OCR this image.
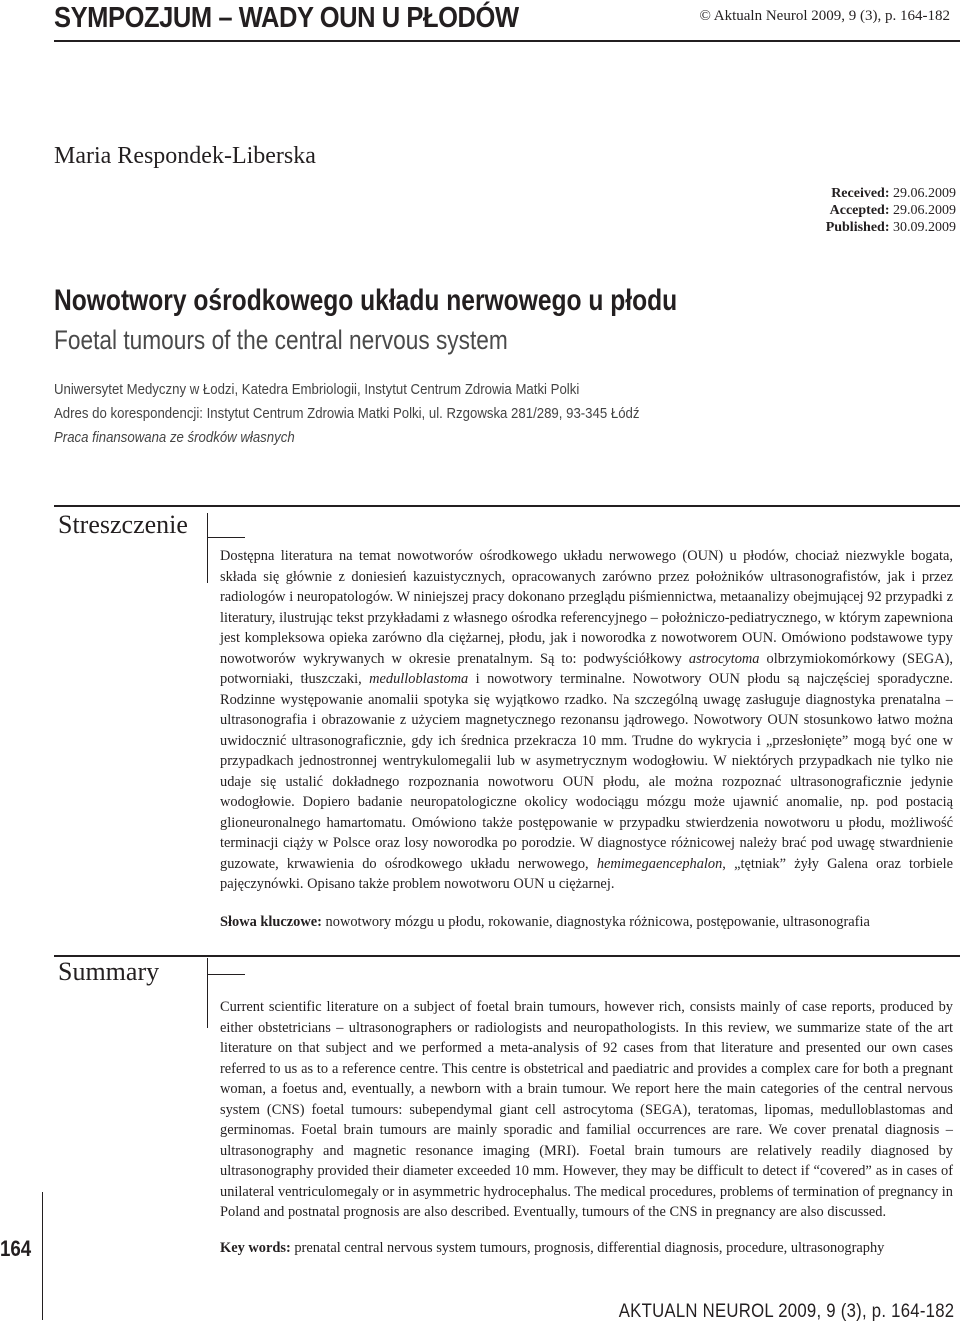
SYMPOZJUM – WADY OUN U PŁODÓW	© Aktualn Neurol 2009, 9 (3), p. 164-182
Maria Respondek-Liberska
Received: 29.06.2009
Accepted: 29.06.2009
Published: 30.09.2009
Nowotwory ośrodkowego układu nerwowego u płodu
Foetal tumours of the central nervous system
Uniwersytet Medyczny w Łodzi, Katedra Embriologii, Instytut Centrum Zdrowia Matki Polki
Adres do korespondencji: Instytut Centrum Zdrowia Matki Polki, ul. Rzgowska 281/289, 93-345 Łódź
Praca finansowana ze środków własnych
Streszczenie
Dostępna literatura na temat nowotworów ośrodkowego układu nerwowego (OUN) u płodów, chociaż niezwykle bogata, składa się głównie z doniesień kazuistycznych, opracowanych zarówno przez położników ultrasonografistów, jak i przez radiologów i neuropatologów. W niniejszej pracy dokonano przeglądu piśmiennictwa, metaanalizy obejmującej 92 przypadki z literatury, ilustrując tekst przykładami z własnego ośrodka referencyjnego – położniczo-pediatrycznego, w którym zapewniona jest kompleksowa opieka zarówno dla ciężarnej, płodu, jak i noworodka z nowotworem OUN. Omówiono podstawowe typy nowotworów wykrywanych w okresie prenatalnym. Są to: podwyściółkowy astrocytoma olbrzymiokomórkowy (SEGA), potworniaki, tłuszczaki, medulloblastoma i nowotwory terminalne. Nowotwory OUN płodu są najczęściej sporadyczne. Rodzinne występowanie anomalii spotyka się wyjątkowo rzadko. Na szczególną uwagę zasługuje diagnostyka prenatalna – ultrasonografia i obrazowanie z użyciem magnetycznego rezonansu jądrowego. Nowotwory OUN stosunkowo łatwo można uwidocznić ultrasonograficznie, gdy ich średnica przekracza 10 mm. Trudne do wykrycia i „przesłonięte” mogą być one w przypadkach jednostronnej wentrykulomegalii lub w asymetrycznym wodogłowiu. W niektórych przypadkach nie tylko nie udaje się ustalić dokładnego rozpoznania nowotworu OUN płodu, ale można rozpoznać ultrasonograficznie jedynie wodogłowie. Dopiero badanie neuropatologiczne okolicy wodociągu mózgu może ujawnić anomalie, np. pod postacią glioneuronalnego hamartomatu. Omówiono także postępowanie w przypadku stwierdzenia nowotworu u płodu, możliwość terminacji ciąży w Polsce oraz losy noworodka po porodzie. W diagnostyce różnicowej należy brać pod uwagę stwardnienie guzowate, krwawienia do ośrodkowego układu nerwowego, hemimegaencephalon, „tętniak” żyły Galena oraz torbiele pajęczynówki. Opisano także problem nowotworu OUN u ciężarnej.
Słowa kluczowe: nowotwory mózgu u płodu, rokowanie, diagnostyka różnicowa, postępowanie, ultrasonografia
Summary
Current scientific literature on a subject of foetal brain tumours, however rich, consists mainly of case reports, produced by either obstetricians – ultrasonographers or radiologists and neuropathologists. In this review, we summarize state of the art literature on that subject and we performed a meta-analysis of 92 cases from that literature and presented our own cases referred to us as to a reference centre. This centre is obstetrical and paediatric and provides a complex care for both a pregnant woman, a foetus and, eventually, a newborn with a brain tumour. We report here the main categories of the central nervous system (CNS) foetal tumours: subependymal giant cell astrocytoma (SEGA), teratomas, lipomas, medulloblastomas and germinomas. Foetal brain tumours are mainly sporadic and familial occurrences are rare. We cover prenatal diagnosis – ultrasonography and magnetic resonance imaging (MRI). Foetal brain tumours are relatively readily diagnosed by ultrasonography provided their diameter exceeded 10 mm. However, they may be difficult to detect if “covered” as in cases of unilateral ventriculomegaly or in asymmetric hydrocephalus. The medical procedures, problems of termination of pregnancy in Poland and postnatal prognosis are also described. Eventually, tumours of the CNS in pregnancy are also discussed.
Key words: prenatal central nervous system tumours, prognosis, differential diagnosis, procedure, ultrasonography
164
AKTUALN NEUROL 2009, 9 (3), p. 164-182
